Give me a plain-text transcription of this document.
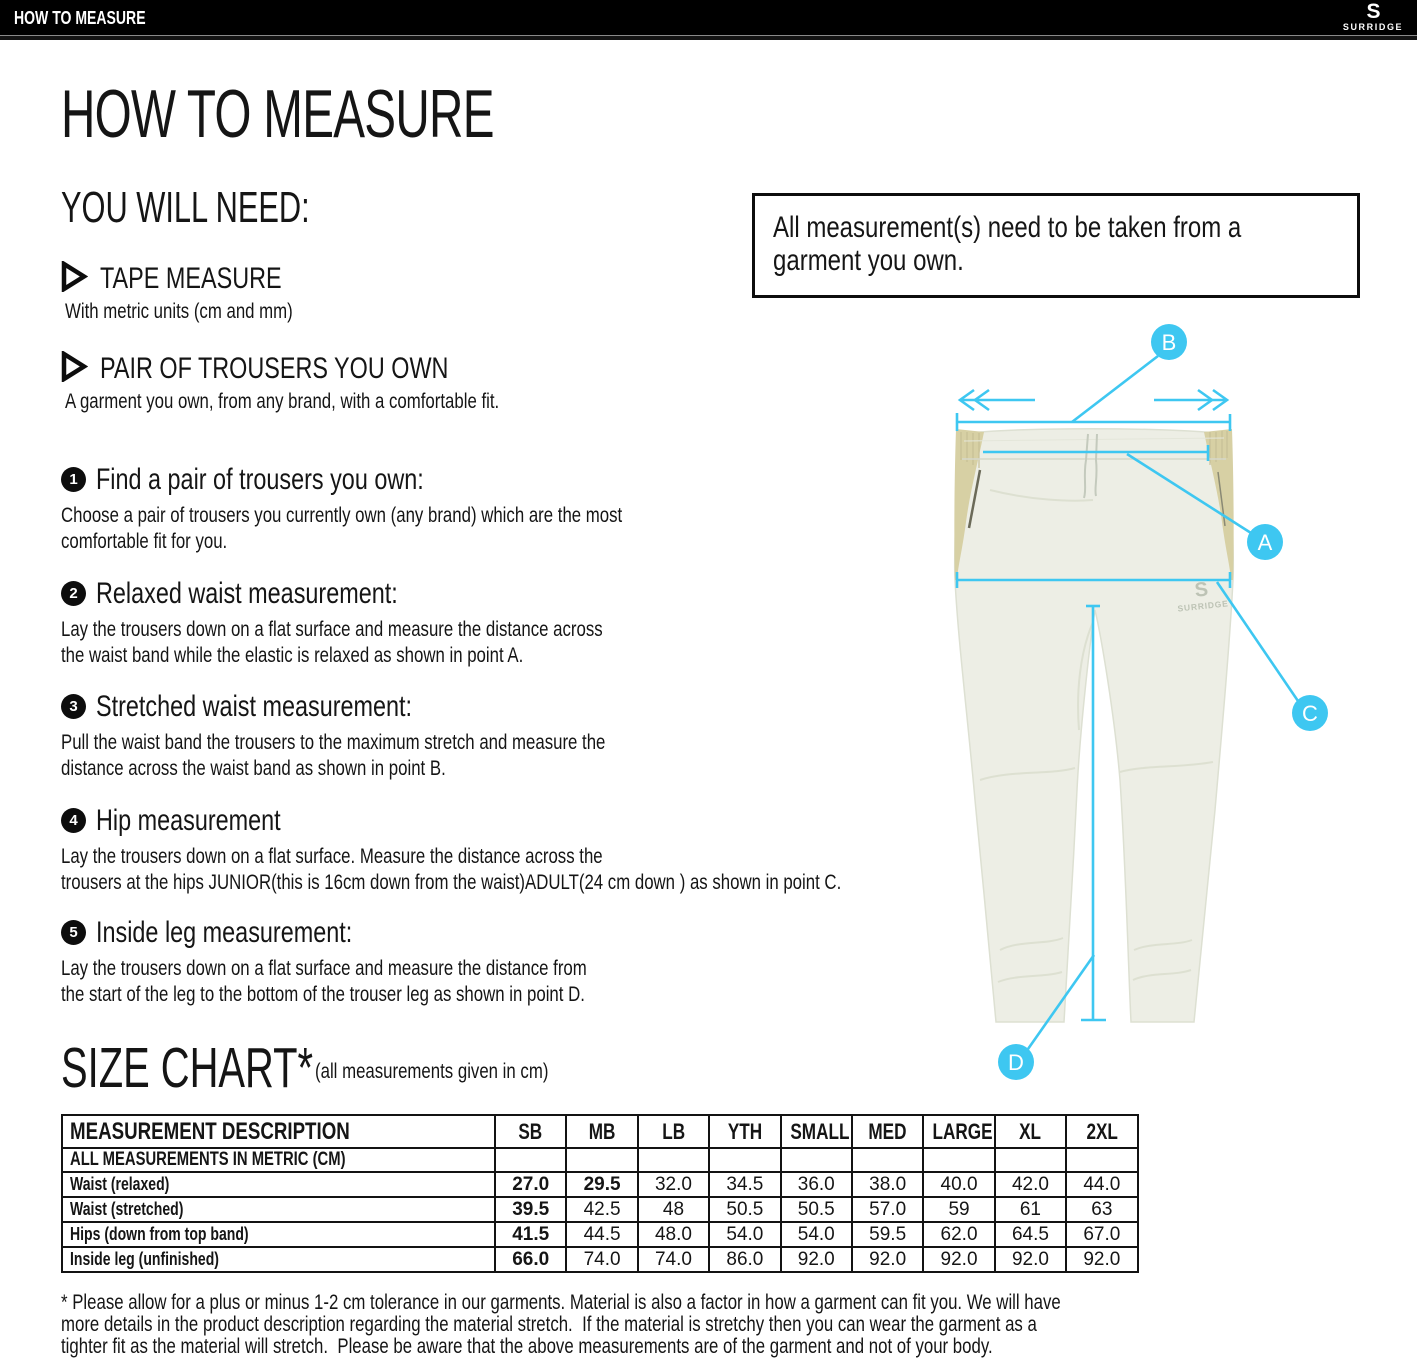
HOW TO MEASURE	S
SURRIDGE
HOW TO MEASURE
YOU WILL NEED:
TAPE MEASURE
With metric units (cm and mm)
PAIR OF TROUSERS YOU OWN
A garment you own, from any brand, with a comfortable fit.
All measurement(s) need to be taken from a
garment you own.
1 Find a pair of trousers you own:
Choose a pair of trousers you currently own (any brand) which are the most
comfortable fit for you.
2 Relaxed waist measurement:
Lay the trousers down on a flat surface and measure the distance across
the waist band while the elastic is relaxed as shown in point A.
3 Stretched waist measurement:
Pull the waist band the trousers to the maximum stretch and measure the
distance across the waist band as shown in point B.
4 Hip measurement
Lay the trousers down on a flat surface. Measure the distance across the
trousers at the hips JUNIOR(this is 16cm down from the waist)ADULT(24 cm down ) as shown in point C.
5 Inside leg measurement:
Lay the trousers down on a flat surface and measure the distance from
the start of the leg to the bottom of the trouser leg as shown in point D.
S
SURRIDGE
B
A
C
D
SIZE CHART* (all measurements given in cm)
MEASUREMENT DESCRIPTION	SB	MB	LB	YTH	SMALL	MED	LARGE	XL	2XL
ALL MEASUREMENTS IN METRIC (CM)									
Waist (relaxed)	27.0	29.5	32.0	34.5	36.0	38.0	40.0	42.0	44.0
Waist (stretched)	39.5	42.5	48	50.5	50.5	57.0	59	61	63
Hips (down from top band)	41.5	44.5	48.0	54.0	54.0	59.5	62.0	64.5	67.0
Inside leg (unfinished)	66.0	74.0	74.0	86.0	92.0	92.0	92.0	92.0	92.0
* Please allow for a plus or minus 1-2 cm tolerance in our garments. Material is also a factor in how a garment can fit you. We will have
more details in the product description regarding the material stretch.  If the material is stretchy then you can wear the garment as a
tighter fit as the material will stretch.  Please be aware that the above measurements are of the garment and not of your body.
